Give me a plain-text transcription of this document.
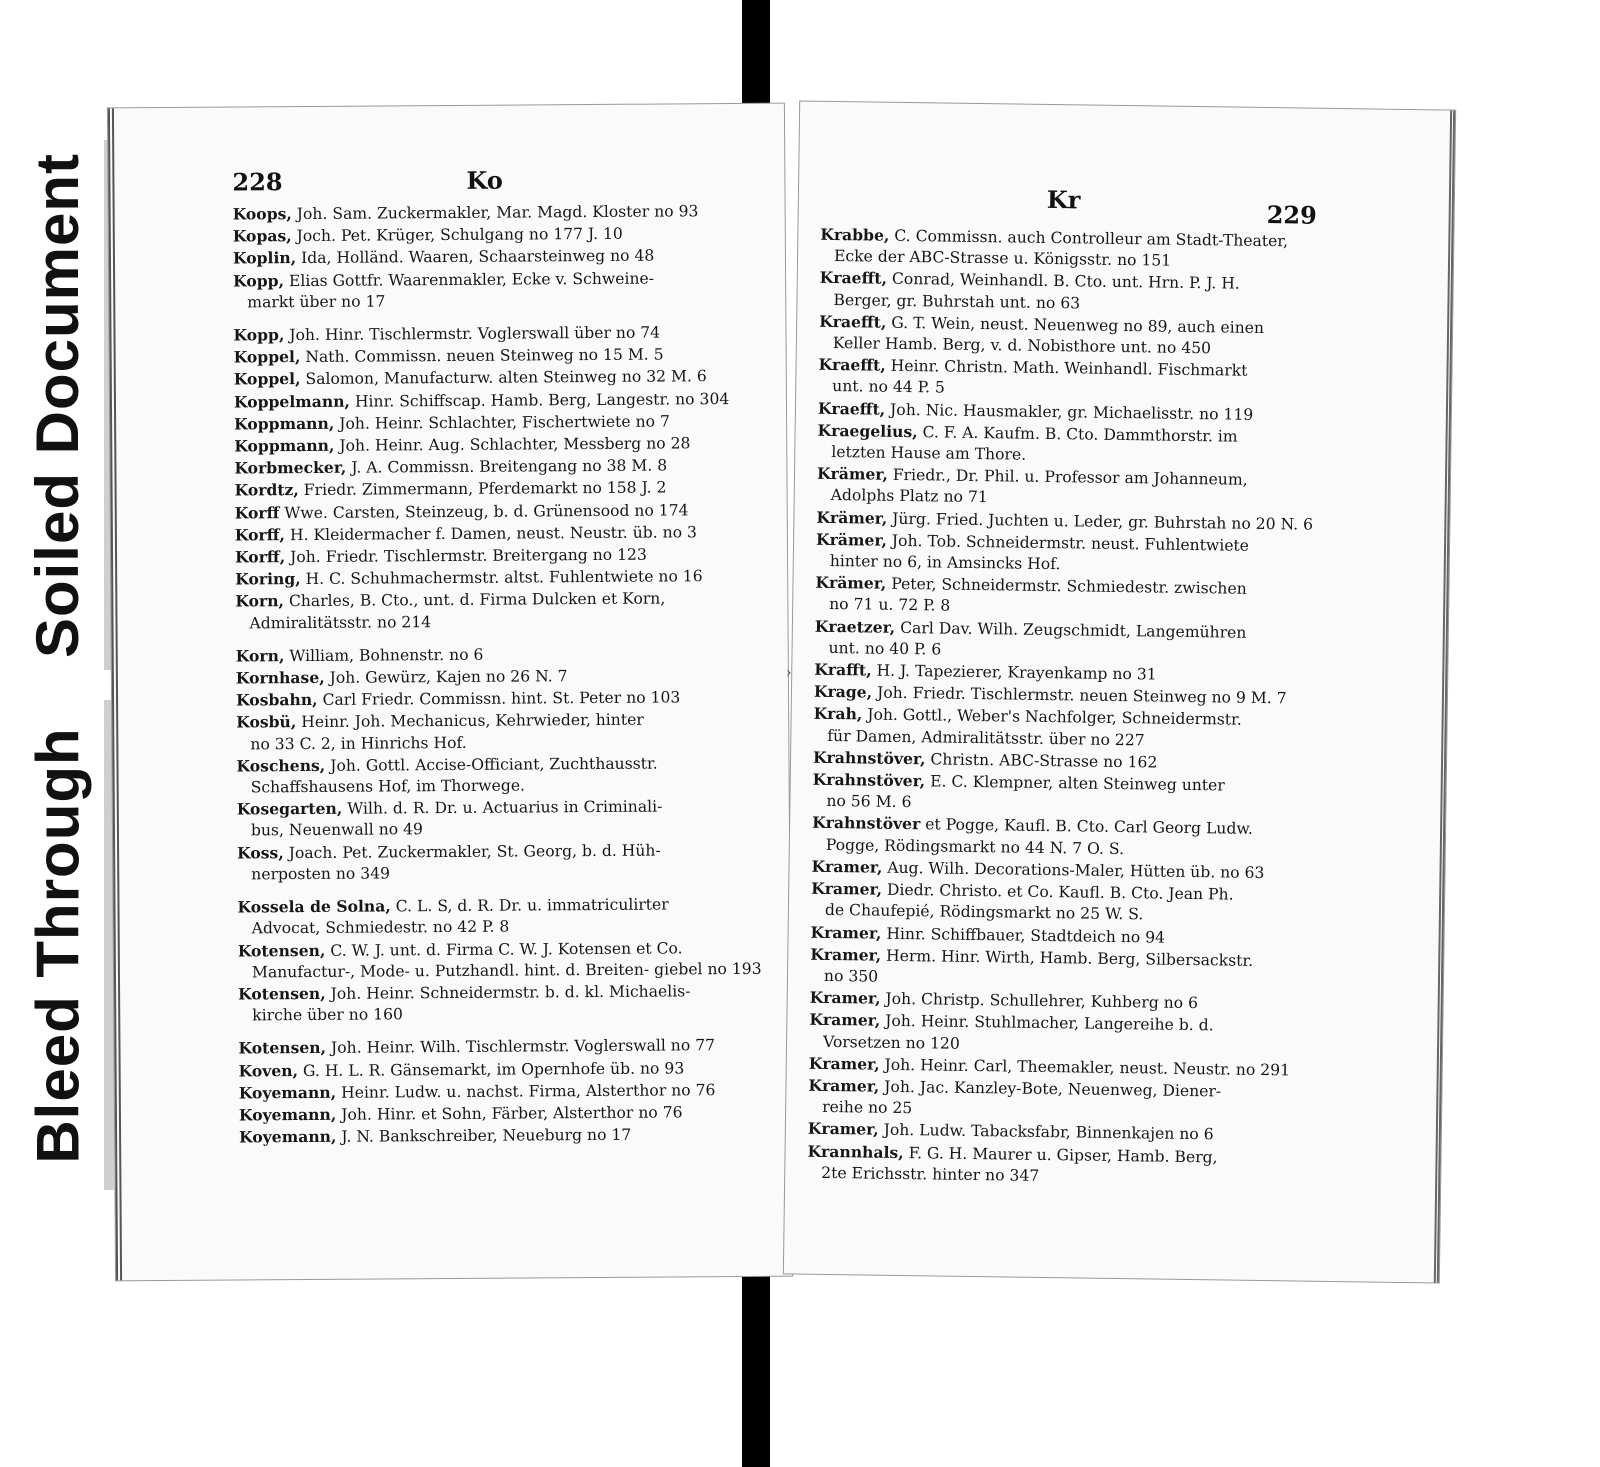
Soiled Document
Bleed Through
228	Ko

Koops, Joh. Sam. Zuckermakler, Mar. Magd. Kloster no 93

Kopas, Joch. Pet. Krüger, Schulgang no 177 J. 10

Koplin, Ida, Holländ. Waaren, Schaarsteinweg no 48

Kopp, Elias Gottfr. Waarenmakler, Ecke v. Schweine-
markt über no 17

Kopp, Joh. Hinr. Tischlermstr. Voglerswall über no 74

Koppel, Nath. Commissn. neuen Steinweg no 15 M. 5

Koppel, Salomon, Manufacturw. alten Steinweg no 32 M. 6

Koppelmann, Hinr. Schiffscap. Hamb. Berg, Langestr. no 304

Koppmann, Joh. Heinr. Schlachter, Fischertwiete no 7

Koppmann, Joh. Heinr. Aug. Schlachter, Messberg no 28

Korbmecker, J. A. Commissn. Breitengang no 38 M. 8

Kordtz, Friedr. Zimmermann, Pferdemarkt no 158 J. 2

Korff Wwe. Carsten, Steinzeug, b. d. Grünensood no 174

Korff, H. Kleidermacher f. Damen, neust. Neustr. üb. no 3

Korff, Joh. Friedr. Tischlermstr. Breitergang no 123

Koring, H. C. Schuhmachermstr. altst. Fuhlentwiete no 16

Korn, Charles, B. Cto., unt. d. Firma Dulcken et Korn,
Admiralitätsstr. no 214

Korn, William, Bohnenstr. no 6

Kornhase, Joh. Gewürz, Kajen no 26 N. 7

Kosbahn, Carl Friedr. Commissn. hint. St. Peter no 103

Kosbü, Heinr. Joh. Mechanicus, Kehrwieder, hinter
no 33 C. 2, in Hinrichs Hof.

Koschens, Joh. Gottl. Accise-Officiant, Zuchthausstr.
Schaffshausens Hof, im Thorwege.

Kosegarten, Wilh. d. R. Dr. u. Actuarius in Criminali-
bus, Neuenwall no 49

Koss, Joach. Pet. Zuckermakler, St. Georg, b. d. Hüh-
nerposten no 349

Kossela de Solna, C. L. S, d. R. Dr. u. immatriculirter
Advocat, Schmiedestr. no 42 P. 8

Kotensen, C. W. J. unt. d. Firma C. W. J. Kotensen et Co.
Manufactur-, Mode- u. Putzhandl. hint. d. Breiten- giebel no 193

Kotensen, Joh. Heinr. Schneidermstr. b. d. kl. Michaelis-
kirche über no 160

Kotensen, Joh. Heinr. Wilh. Tischlermstr. Voglerswall no 77

Koven, G. H. L. R. Gänsemarkt, im Opernhofe üb. no 93

Koyemann, Heinr. Ludw. u. nachst. Firma, Alsterthor no 76

Koyemann, Joh. Hinr. et Sohn, Färber, Alsterthor no 76

Koyemann, J. N. Bankschreiber, Neueburg no 17

›
Kr
229

Krabbe, C. Commissn. auch Controlleur am Stadt-Theater,
Ecke der ABC-Strasse u. Königsstr. no 151

Kraefft, Conrad, Weinhandl. B. Cto. unt. Hrn. P. J. H.
Berger, gr. Buhrstah unt. no 63

Kraefft, G. T. Wein, neust. Neuenweg no 89, auch einen
Keller Hamb. Berg, v. d. Nobisthore unt. no 450

Kraefft, Heinr. Christn. Math. Weinhandl. Fischmarkt
unt. no 44 P. 5

Kraefft, Joh. Nic. Hausmakler, gr. Michaelisstr. no 119

Kraegelius, C. F. A. Kaufm. B. Cto. Dammthorstr. im
letzten Hause am Thore.

Krämer, Friedr., Dr. Phil. u. Professor am Johanneum,
Adolphs Platz no 71

Krämer, Jürg. Fried. Juchten u. Leder, gr. Buhrstah no 20 N. 6

Krämer, Joh. Tob. Schneidermstr. neust. Fuhlentwiete
hinter no 6, in Amsincks Hof.

Krämer, Peter, Schneidermstr. Schmiedestr. zwischen
no 71 u. 72 P. 8

Kraetzer, Carl Dav. Wilh. Zeugschmidt, Langemühren
unt. no 40 P. 6

Krafft, H. J. Tapezierer, Krayenkamp no 31

Krage, Joh. Friedr. Tischlermstr. neuen Steinweg no 9 M. 7

Krah, Joh. Gottl., Weber's Nachfolger, Schneidermstr.
für Damen, Admiralitätsstr. über no 227

Krahnstöver, Christn. ABC-Strasse no 162

Krahnstöver, E. C. Klempner, alten Steinweg unter
no 56 M. 6

Krahnstöver et Pogge, Kaufl. B. Cto. Carl Georg Ludw.
Pogge, Rödingsmarkt no 44 N. 7 O. S.

Kramer, Aug. Wilh. Decorations-Maler, Hütten üb. no 63

Kramer, Diedr. Christo. et Co. Kaufl. B. Cto. Jean Ph.
de Chaufepié, Rödingsmarkt no 25 W. S.

Kramer, Hinr. Schiffbauer, Stadtdeich no 94

Kramer, Herm. Hinr. Wirth, Hamb. Berg, Silbersackstr.
no 350

Kramer, Joh. Christp. Schullehrer, Kuhberg no 6

Kramer, Joh. Heinr. Stuhlmacher, Langereihe b. d.
Vorsetzen no 120

Kramer, Joh. Heinr. Carl, Theemakler, neust. Neustr. no 291

Kramer, Joh. Jac. Kanzley-Bote, Neuenweg, Diener-
reihe no 25

Kramer, Joh. Ludw. Tabacksfabr, Binnenkajen no 6

Krannhals, F. G. H. Maurer u. Gipser, Hamb. Berg,
2te Erichsstr. hinter no 347
